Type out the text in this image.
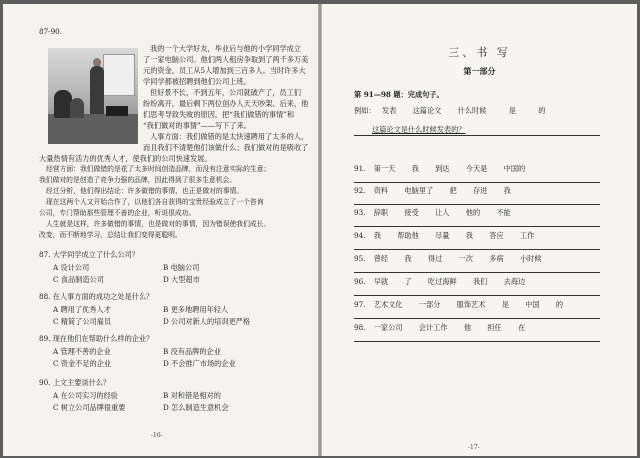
87-90.
我的一个大学好友，毕业后与他的小学同学成立
了一家电脑公司。他们两人租房争取到了两千多万美
元的资金，员工从5人增加到三百多人。当时许多大
学同学都被招聘到他们公司上班。
但好景不长，不到五年，公司就破产了，员工们
纷纷离开，最后剩下两位创办人天天吵架。后来，他
们思考导致失败的原因，把“我们做错的事情”和
“我们做对的事情”——写下了来。
人事方面：我们做错的是太快速聘用了太多的人，
而且我们不清楚他们该做什么；我们做对的是吸收了
大量热情有活力的优秀人才，使我们的公司快速发展。
经营方面：我们做错的是花了太多时间创造品牌，而没有注意实际的生意；
我们做对的是创造了竞争力强的品牌，因此得到了很多生意机会。
经过分析，他们得出结论：许多做错的事情，也正是做对的事情。
现在这两个人又开始合作了，以他们各自获得的宝贵经验成立了一个咨询
公司，专门帮助那些管理不善的企业，听说很成功。
人生就是这样，许多做错的事情，也是做对的事情，因为错误使我们成长、
改变，而不断地学习、总结让我们变得更聪明。
87. 大学同学成立了什么公司？
A 设计公司	B 电脑公司
C 食品制造公司	D 大型超市
88. 在人事方面的成功之处是什么？
A 聘用了优秀人才	B 更多地聘用年轻人
C 精简了公司雇员	D 公司对新人的培训更严格
89. 现在他们在帮助什么样的企业？
A 管理不善的企业	B 没有品牌的企业
C 资金不足的企业	D 不会推广市场的企业
90. 上文主要谈什么？
A 在公司实习的经验	B 对和错是相对的
C 树立公司品牌很重要	D 怎么制造生意机会
-16-
三、书 写
第一部分
第 91—98 题：完成句子。
例如： 发表 这篇论文 什么时候	是	的
这篇论文是什么时候发表的？
91. 第一天 我 到达 今天是 中国的
92. 资料 电脑里了 把 存进 我
93. 辞职 接受 让人 他的 不能
94. 我 帮助他 尽量 我 答应 工作
95. 曾经 我 得过 一次 多病 小时候
96. 早就 了 吃过海鲜 我们 去海边
97. 艺术文化 一部分 服饰艺术 是 中国 的
98. 一家公司 会计工作 他 担任 在
-17-
